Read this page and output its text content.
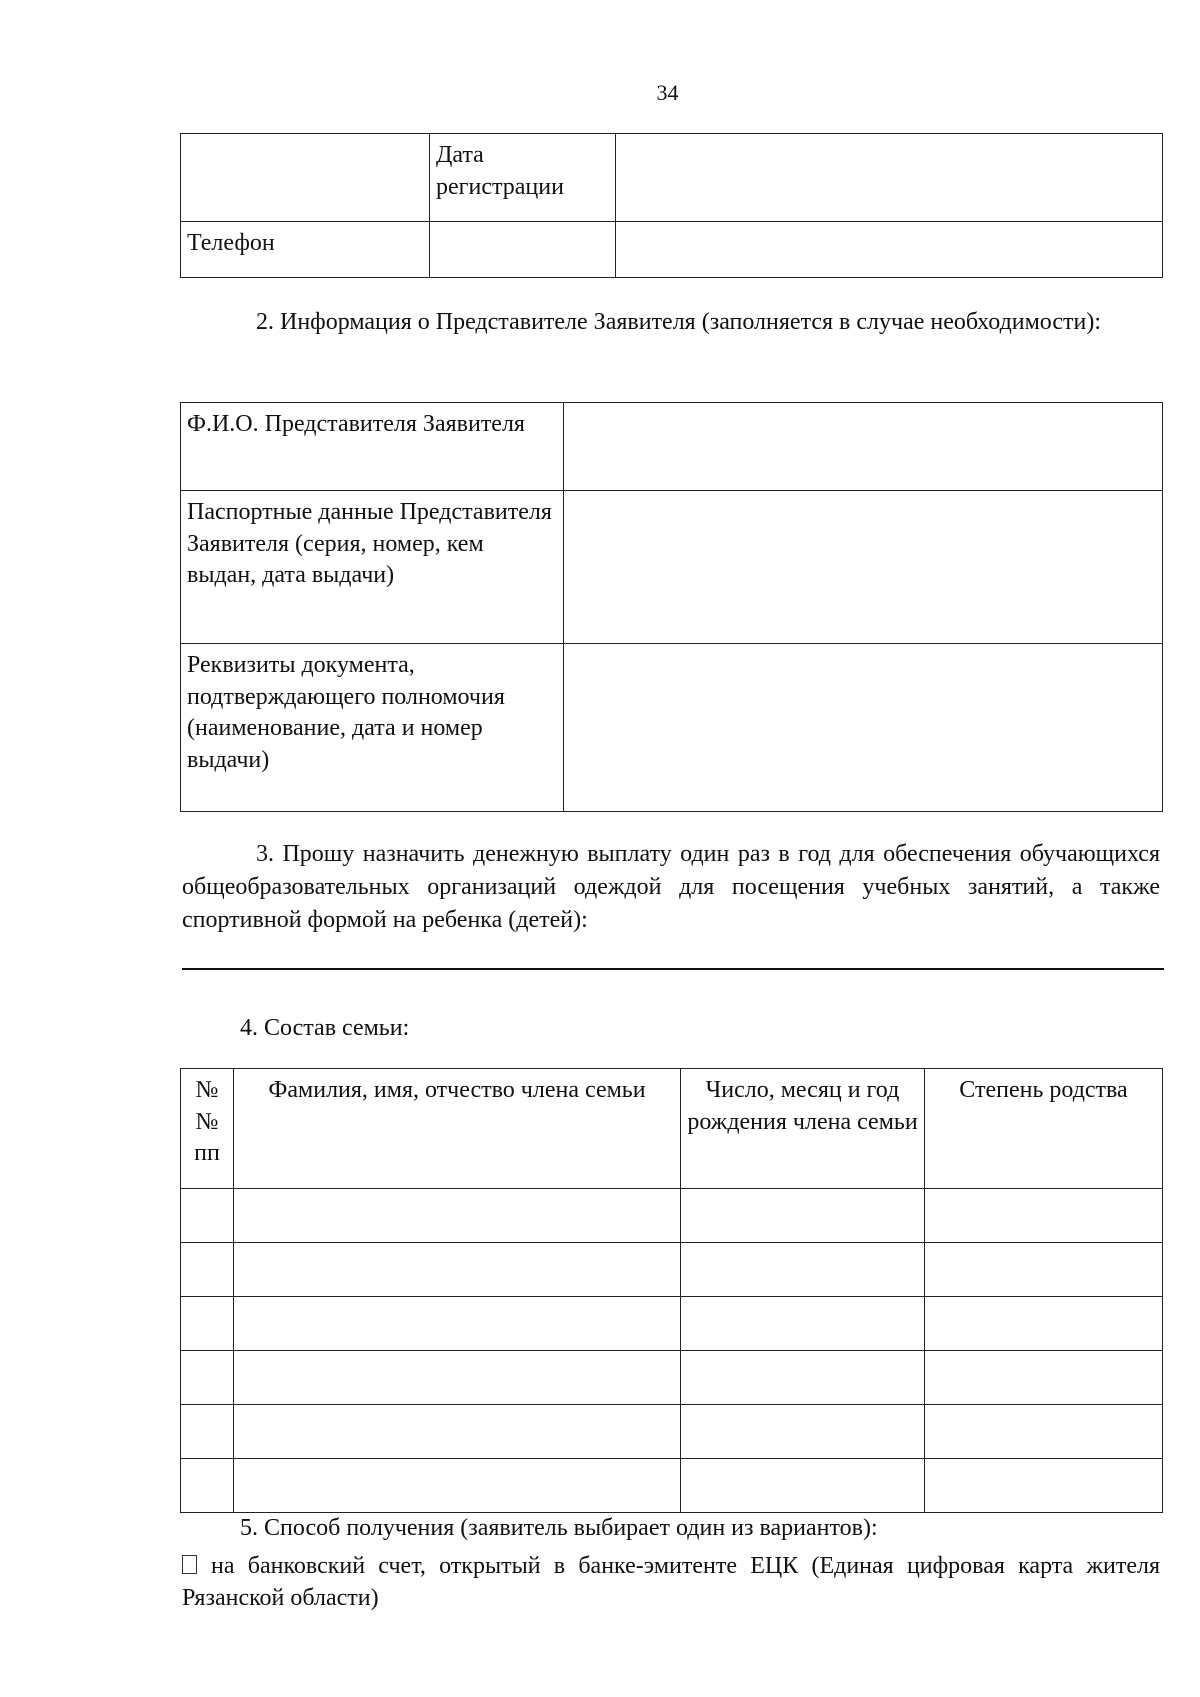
34
	Дата регистрации	
Телефон		
2. Информация о Представителе Заявителя (заполняется в случае необходимости):
Ф.И.О. Представителя Заявителя	
Паспортные данные Представителя Заявителя (серия, номер, кем выдан, дата выдачи)	
Реквизиты документа, подтверждающего полномочия (наименование, дата и номер выдачи)	
3. Прошу назначить денежную выплату один раз в год для обеспечения обучающихся общеобразовательных организаций одеждой для посещения учебных занятий, а также спортивной формой на ребенка (детей):
4. Состав семьи:
№ № пп	Фамилия, имя, отчество члена семьи	Число, месяц и год рождения члена семьи	Степень родства

5. Способ получения (заявитель выбирает один из вариантов):
на банковский счет, открытый в банке-эмитенте ЕЦК (Единая цифровая карта жителя Рязанской области)
